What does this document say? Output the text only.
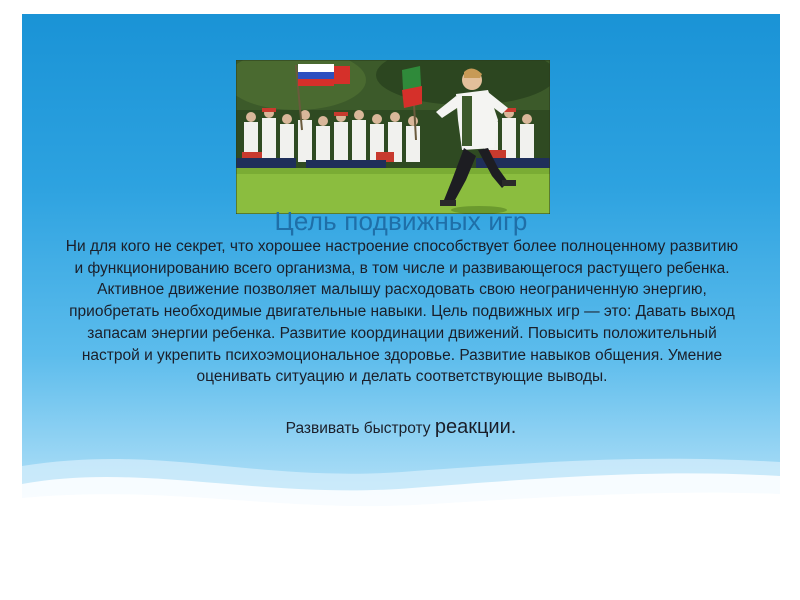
Цель подвижных игр
Ни для кого не секрет, что хорошее настроение способствует более полноценному развитию и функционированию всего организма, в том числе и развивающегося растущего ребенка. Активное движение позволяет малышу расходовать свою неограниченную энергию, приобретать необходимые двигательные навыки. Цель подвижных игр — это: Давать выход запасам энергии ребенка. Развитие координации движений. Повысить положительный настрой и укрепить психоэмоциональное здоровье. Развитие навыков общения. Умение оценивать ситуацию и делать соответствующие выводы.
Развивать быстроту реакции.
